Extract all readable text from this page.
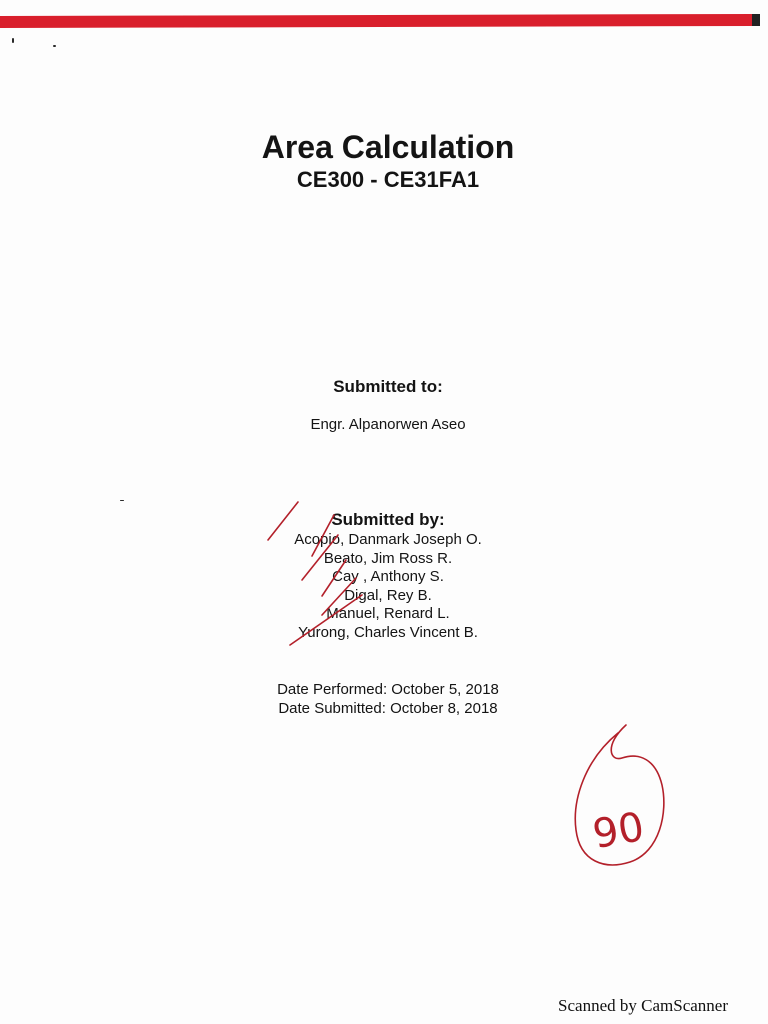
Area Calculation
CE300 - CE31FA1
Submitted to:
Engr. Alpanorwen Aseo
Submitted by:
Acopio, Danmark Joseph O.
Beato, Jim Ross R.
Cay , Anthony S.
Digal, Rey B.
Manuel, Renard L.
Yurong, Charles Vincent B.
Date Performed: October 5, 2018
Date Submitted: October 8, 2018
90
Scanned by CamScanner
